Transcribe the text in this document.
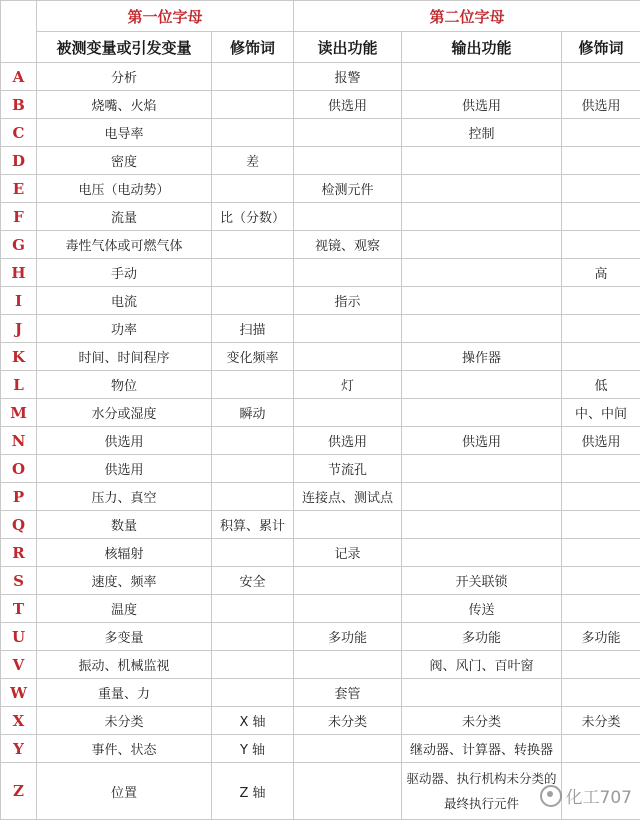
	第一位字母		第二位字母		
	被测变量或引发变量	修饰词	读出功能	输出功能	修饰词
A	分析		报警		
B	烧嘴、火焰		供选用	供选用	供选用
C	电导率			控制	
D	密度	差			
E	电压（电动势）		检测元件		
F	流量	比（分数）			
G	毒性气体或可燃气体		视镜、观察		
H	手动				高
I	电流		指示		
J	功率	扫描			
K	时间、时间程序	变化频率		操作器	
L	物位		灯		低
M	水分或湿度	瞬动			中、中间
N	供选用		供选用	供选用	供选用
O	供选用		节流孔		
P	压力、真空		连接点、测试点		
Q	数量	积算、累计			
R	核辐射		记录		
S	速度、频率	安全		开关联锁	
T	温度			传送	
U	多变量		多功能	多功能	多功能
V	振动、机械监视			阀、风门、百叶窗	
W	重量、力		套管		
X	未分类	X 轴	未分类	未分类	未分类
Y	事件、状态	Y 轴		继动器、计算器、转换器	
Z	位置	Z 轴		驱动器、执行机构未分类的最终执行元件		化工707
